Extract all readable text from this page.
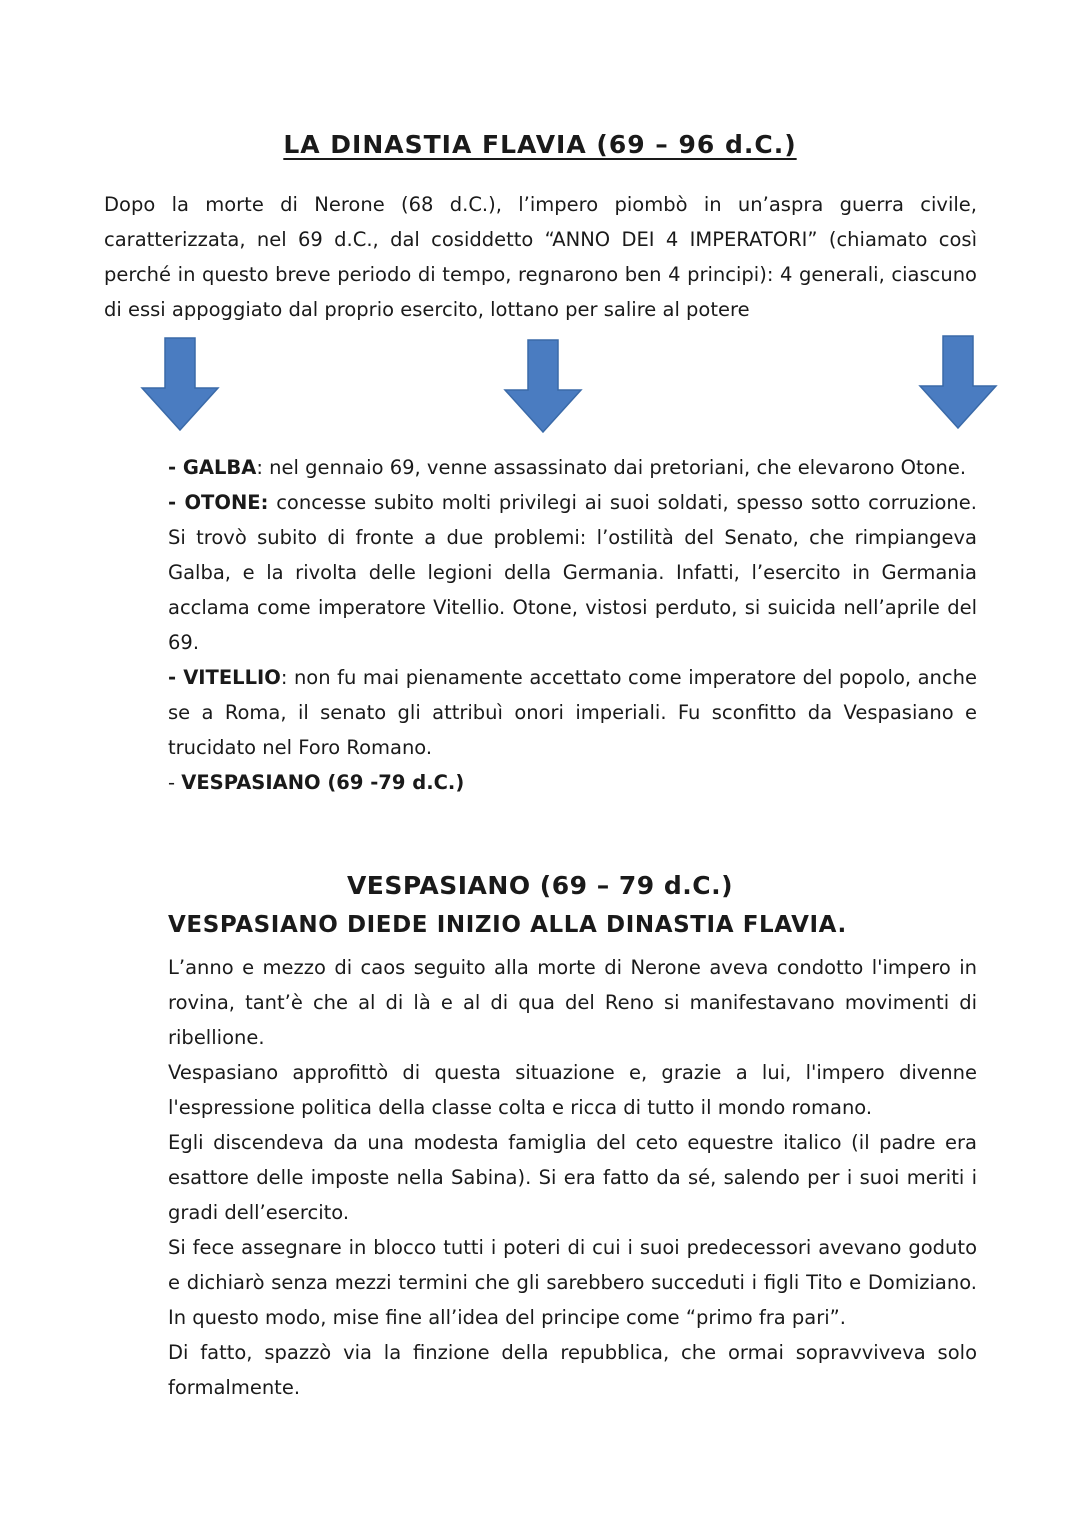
LA DINASTIA FLAVIA (69 – 96 d.C.)

Dopo la morte di Nerone (68 d.C.), l’impero piombò in un’aspra guerra civile, caratterizzata, nel 69 d.C., dal cosiddetto “ANNO DEI 4 IMPERATORI” (chiamato così perché in questo breve periodo di tempo, regnarono ben 4 principi): 4 generali, ciascuno di essi appoggiato dal proprio esercito, lottano per salire al potere

- GALBA: nel gennaio 69, venne assassinato dai pretoriani, che elevarono Otone.

- OTONE: concesse subito molti privilegi ai suoi soldati, spesso sotto corruzione. Si trovò subito di fronte a due problemi: l’ostilità del Senato, che rimpiangeva Galba, e la rivolta delle legioni della Germania. Infatti, l’esercito in Germania acclama come imperatore Vitellio. Otone, vistosi perduto, si suicida nell’aprile del 69.

- VITELLIO: non fu mai pienamente accettato come imperatore del popolo, anche se a Roma, il senato gli attribuì onori imperiali. Fu sconfitto da Vespasiano e trucidato nel Foro Romano.

- VESPASIANO (69 -79 d.C.)

VESPASIANO (69 – 79 d.C.)
VESPASIANO DIEDE INIZIO ALLA DINASTIA FLAVIA.

L’anno e mezzo di caos seguito alla morte di Nerone aveva condotto l'impero in rovina, tant’è che al di là e al di qua del Reno si manifestavano movimenti di ribellione.

Vespasiano approfittò di questa situazione e, grazie a lui, l'impero divenne l'espressione politica della classe colta e ricca di tutto il mondo romano.

Egli discendeva da una modesta famiglia del ceto equestre italico (il padre era esattore delle imposte nella Sabina). Si era fatto da sé, salendo per i suoi meriti i gradi dell’esercito.

Si fece assegnare in blocco tutti i poteri di cui i suoi predecessori avevano goduto e dichiarò senza mezzi termini che gli sarebbero succeduti i figli Tito e Domiziano. In questo modo, mise fine all’idea del principe come “primo fra pari”.

Di fatto, spazzò via la finzione della repubblica, che ormai sopravviveva solo formalmente.
